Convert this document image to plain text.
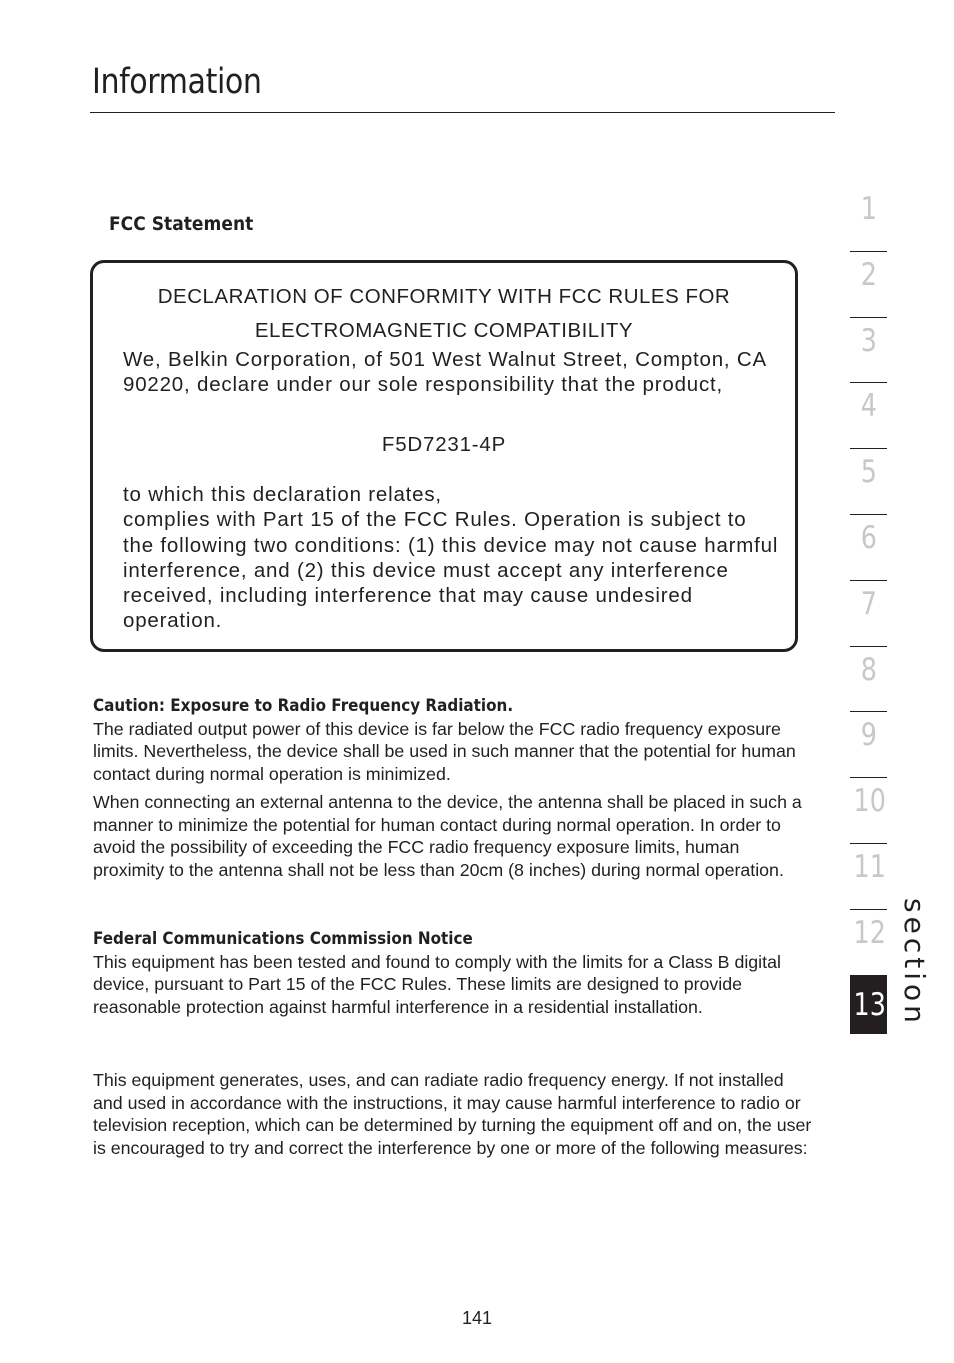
Information
FCC Statement
DECLARATION OF CONFORMITY WITH FCC RULES FOR
ELECTROMAGNETIC COMPATIBILITY
We, Belkin Corporation, of 501 West Walnut Street, Compton, CA 90220, declare under our sole responsibility that the product,
F5D7231-4P
to which this declaration relates,
complies with Part 15 of the FCC Rules. Operation is subject to the following two conditions: (1) this device may not cause harmful interference, and (2) this device must accept any interference received, including interference that may cause undesired operation.
Caution: Exposure to Radio Frequency Radiation.

The radiated output power of this device is far below the FCC radio frequency exposure limits. Nevertheless, the device shall be used in such manner that the potential for human contact during normal operation is minimized.

When connecting an external antenna to the device, the antenna shall be placed in such a manner to minimize the potential for human contact during normal operation. In order to avoid the possibility of exceeding the FCC radio frequency exposure limits, human proximity to the antenna shall not be less than 20cm (8 inches) during normal operation.

Federal Communications Commission Notice

This equipment has been tested and found to comply with the limits for a Class B digital device, pursuant to Part 15 of the FCC Rules. These limits are designed to provide reasonable protection against harmful interference in a residential installation.

This equipment generates, uses, and can radiate radio frequency energy. If not installed and used in accordance with the instructions, it may cause harmful interference to radio or television reception, which can be determined by turning the equipment off and on, the user is encouraged to try and correct the interference by one or more of the following measures:

1
2
3
4
5
6
7
8
9
10
11
12
13 section
141
